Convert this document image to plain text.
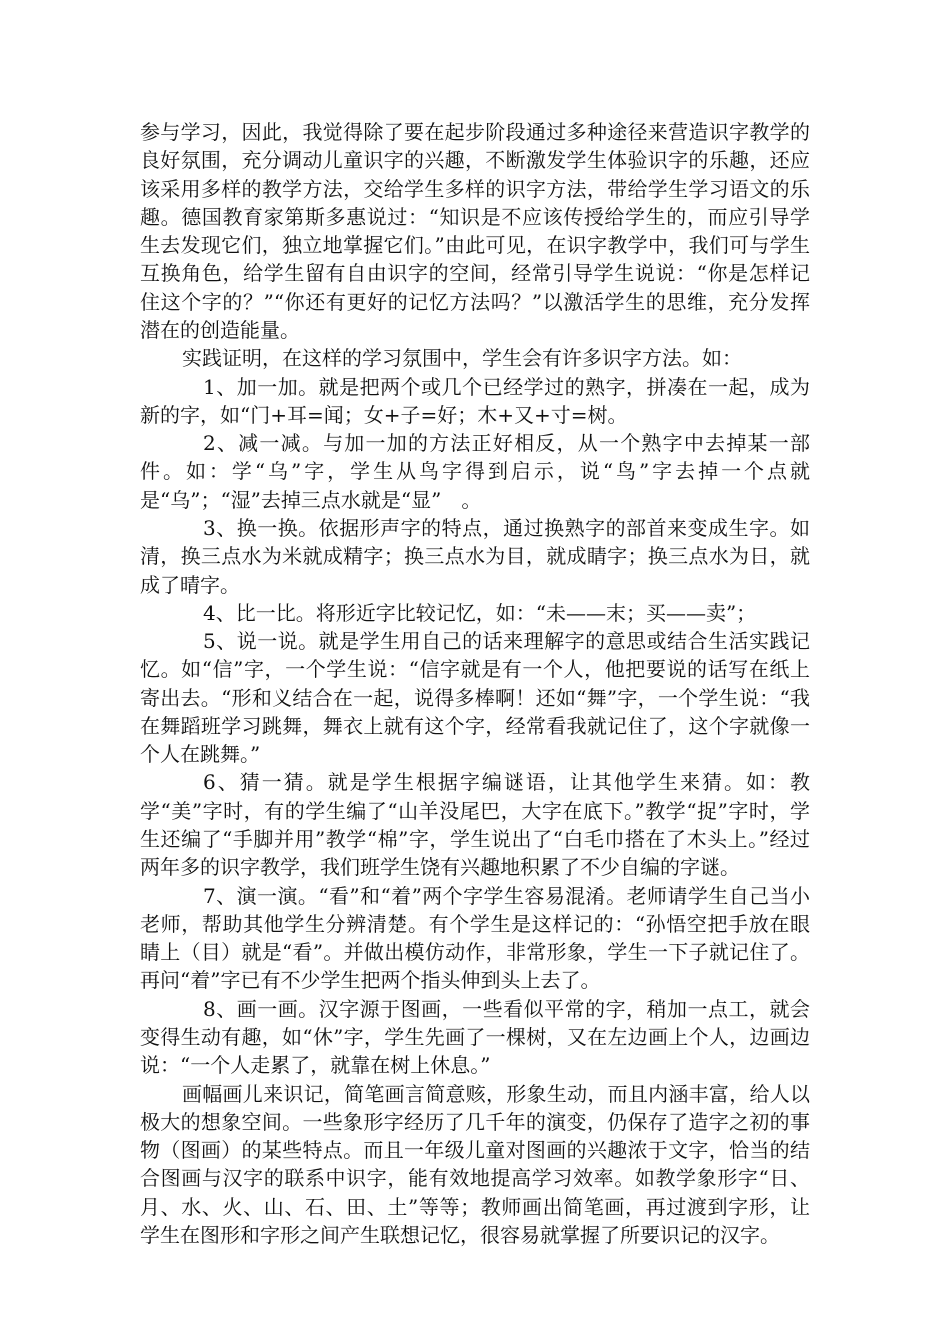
参与学习，因此，我觉得除了要在起步阶段通过多种途径来营造识字教学的良好氛围，充分调动儿童识字的兴趣，不断激发学生体验识字的乐趣，还应该采用多样的教学方法，交给学生多样的识字方法，带给学生学习语文的乐趣。德国教育家第斯多惠说过：“知识是不应该传授给学生的，而应引导学生去发现它们，独立地掌握它们。”由此可见，在识字教学中，我们可与学生互换角色，给学生留有自由识字的空间，经常引导学生说说：“你是怎样记住这个字的？”“你还有更好的记忆方法吗？”以激活学生的思维，充分发挥潜在的创造能量。

实践证明，在这样的学习氛围中，学生会有许多识字方法。如：

1、加一加。就是把两个或几个已经学过的熟字，拼凑在一起，成为新的字，如“门+耳=闻；女+子=好；木+又+寸=树。

2、减一减。与加一加的方法正好相反，从一个熟字中去掉某一部件。如：学“乌”字，学生从鸟字得到启示，说“鸟”字去掉一个点就是“乌”；“湿”去掉三点水就是“显”　。

3、换一换。依据形声字的特点，通过换熟字的部首来变成生字。如清，换三点水为米就成精字；换三点水为目，就成睛字；换三点水为日，就成了晴字。

4、比一比。将形近字比较记忆，如：“未——末；买——卖”；

5、说一说。就是学生用自己的话来理解字的意思或结合生活实践记忆。如“信”字，一个学生说：“信字就是有一个人，他把要说的话写在纸上寄出去。“形和义结合在一起，说得多棒啊！还如“舞”字，一个学生说：“我在舞蹈班学习跳舞，舞衣上就有这个字，经常看我就记住了，这个字就像一个人在跳舞。”

6、猜一猜。就是学生根据字编谜语，让其他学生来猜。如：教学“美”字时，有的学生编了“山羊没尾巴，大字在底下。”教学“捉”字时，学生还编了“手脚并用”教学“棉”字，学生说出了“白毛巾搭在了木头上。”经过两年多的识字教学，我们班学生饶有兴趣地积累了不少自编的字谜。

7、演一演。“看”和“着”两个字学生容易混淆。老师请学生自己当小老师，帮助其他学生分辨清楚。有个学生是这样记的：“孙悟空把手放在眼睛上（目）就是“看”。并做出模仿动作，非常形象，学生一下子就记住了。再问“着”字已有不少学生把两个指头伸到头上去了。

8、画一画。汉字源于图画，一些看似平常的字，稍加一点工，就会变得生动有趣，如“休”字，学生先画了一棵树，又在左边画上个人，边画边说：“一个人走累了，就靠在树上休息。”

画幅画儿来识记，简笔画言简意赅，形象生动，而且内涵丰富，给人以极大的想象空间。一些象形字经历了几千年的演变，仍保存了造字之初的事物（图画）的某些特点。而且一年级儿童对图画的兴趣浓于文字，恰当的结合图画与汉字的联系中识字，能有效地提高学习效率。如教学象形字“日、月、水、火、山、石、田、土”等等；教师画出简笔画，再过渡到字形，让学生在图形和字形之间产生联想记忆，很容易就掌握了所要识记的汉字。
